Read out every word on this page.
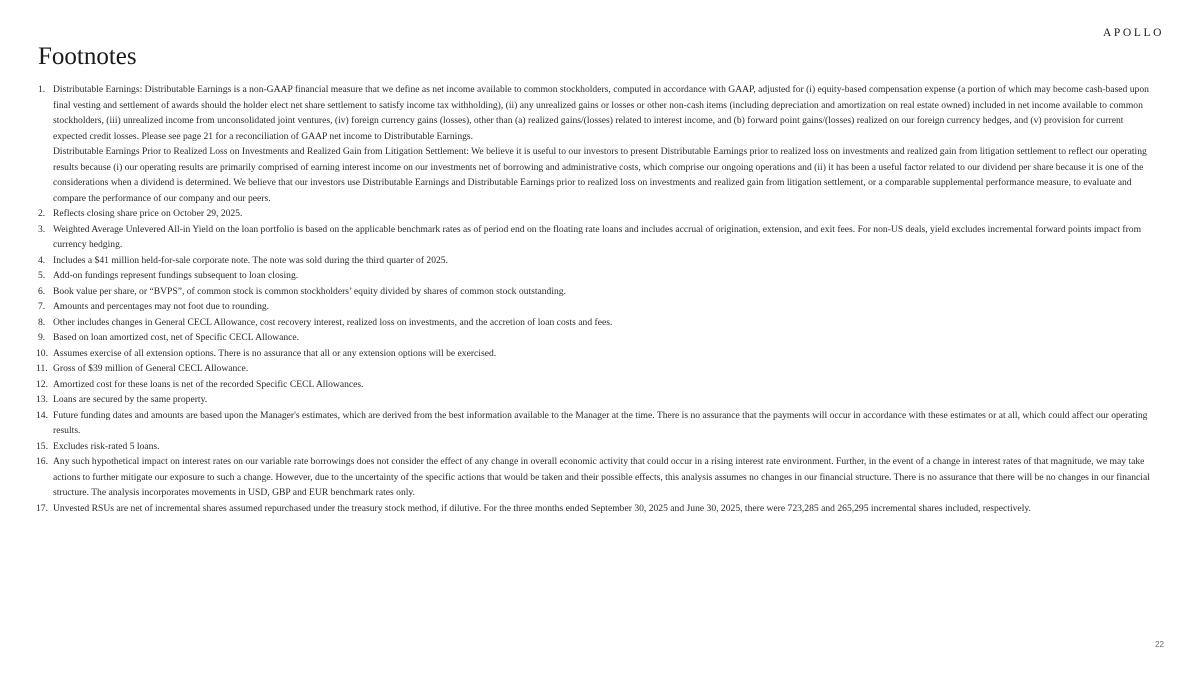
APOLLO
Footnotes
1. Distributable Earnings: Distributable Earnings is a non-GAAP financial measure that we define as net income available to common stockholders, computed in accordance with GAAP, adjusted for (i) equity-based compensation expense (a portion of which may become cash-based upon final vesting and settlement of awards should the holder elect net share settlement to satisfy income tax withholding), (ii) any unrealized gains or losses or other non-cash items (including depreciation and amortization on real estate owned) included in net income available to common stockholders, (iii) unrealized income from unconsolidated joint ventures, (iv) foreign currency gains (losses), other than (a) realized gains/(losses) related to interest income, and (b) forward point gains/(losses) realized on our foreign currency hedges, and (v) provision for current expected credit losses. Please see page 21 for a reconciliation of GAAP net income to Distributable Earnings.
Distributable Earnings Prior to Realized Loss on Investments and Realized Gain from Litigation Settlement: We believe it is useful to our investors to present Distributable Earnings prior to realized loss on investments and realized gain from litigation settlement to reflect our operating results because (i) our operating results are primarily comprised of earning interest income on our investments net of borrowing and administrative costs, which comprise our ongoing operations and (ii) it has been a useful factor related to our dividend per share because it is one of the considerations when a dividend is determined. We believe that our investors use Distributable Earnings and Distributable Earnings prior to realized loss on investments and realized gain from litigation settlement, or a comparable supplemental performance measure, to evaluate and compare the performance of our company and our peers.
2. Reflects closing share price on October 29, 2025.
3. Weighted Average Unlevered All-in Yield on the loan portfolio is based on the applicable benchmark rates as of period end on the floating rate loans and includes accrual of origination, extension, and exit fees. For non-US deals, yield excludes incremental forward points impact from currency hedging.
4. Includes a $41 million held-for-sale corporate note. The note was sold during the third quarter of 2025.
5. Add-on fundings represent fundings subsequent to loan closing.
6. Book value per share, or “BVPS”, of common stock is common stockholders’ equity divided by shares of common stock outstanding.
7. Amounts and percentages may not foot due to rounding.
8. Other includes changes in General CECL Allowance, cost recovery interest, realized loss on investments, and the accretion of loan costs and fees.
9. Based on loan amortized cost, net of Specific CECL Allowance.
10. Assumes exercise of all extension options. There is no assurance that all or any extension options will be exercised.
11. Gross of $39 million of General CECL Allowance.
12. Amortized cost for these loans is net of the recorded Specific CECL Allowances.
13. Loans are secured by the same property.
14. Future funding dates and amounts are based upon the Manager's estimates, which are derived from the best information available to the Manager at the time. There is no assurance that the payments will occur in accordance with these estimates or at all, which could affect our operating results.
15. Excludes risk-rated 5 loans.
16. Any such hypothetical impact on interest rates on our variable rate borrowings does not consider the effect of any change in overall economic activity that could occur in a rising interest rate environment. Further, in the event of a change in interest rates of that magnitude, we may take actions to further mitigate our exposure to such a change. However, due to the uncertainty of the specific actions that would be taken and their possible effects, this analysis assumes no changes in our financial structure. There is no assurance that there will be no changes in our financial structure. The analysis incorporates movements in USD, GBP and EUR benchmark rates only.
17. Unvested RSUs are net of incremental shares assumed repurchased under the treasury stock method, if dilutive. For the three months ended September 30, 2025 and June 30, 2025, there were 723,285 and 265,295 incremental shares included, respectively.
22
